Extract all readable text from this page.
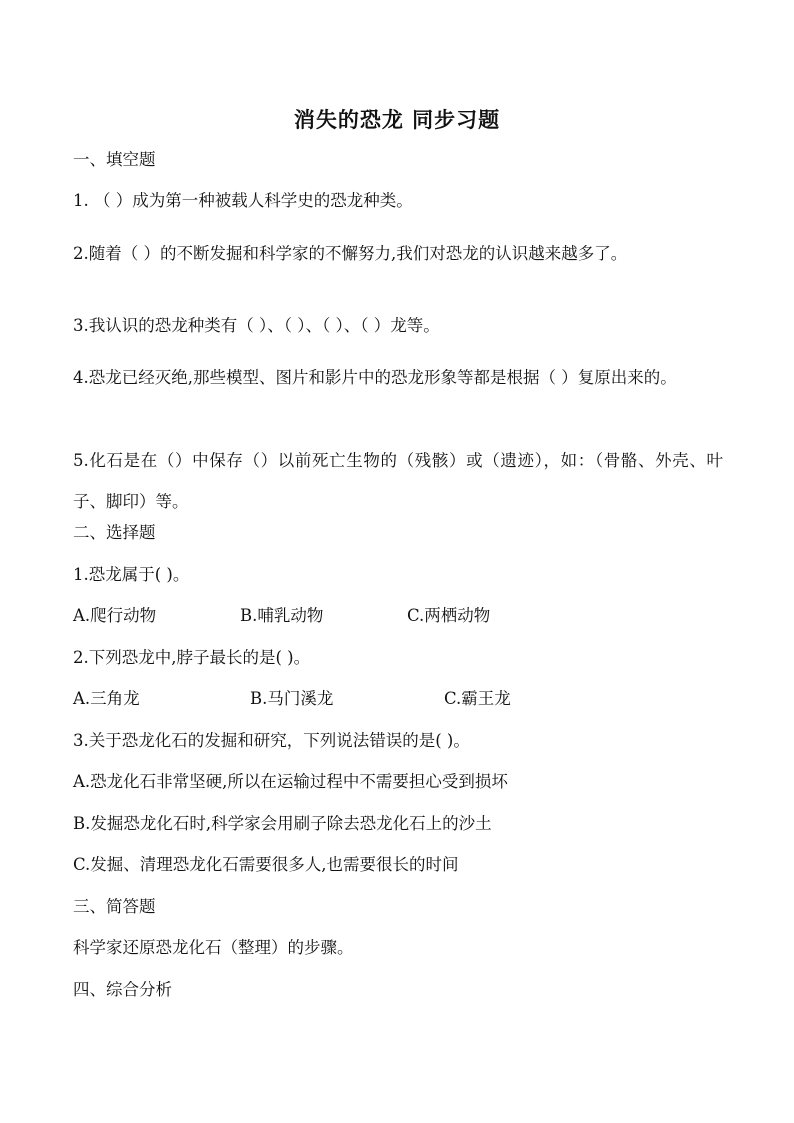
消失的恐龙 同步习题
一、填空题
1. （ ）成为第一种被载人科学史的恐龙种类。
2.随着（ ）的不断发掘和科学家的不懈努力,我们对恐龙的认识越来越多了。
3.我认识的恐龙种类有（ ）、（ ）、（ ）、（ ）龙等。
4.恐龙已经灭绝,那些模型、图片和影片中的恐龙形象等都是根据（ ）复原出来的。
5.化石是在（）中保存（）以前死亡生物的（残骸）或（遗迹），如：（骨骼、外壳、叶子、脚印）等。
二、选择题
1.恐龙属于( )。
A.爬行动物	B.哺乳动物	C.两栖动物
2.下列恐龙中,脖子最长的是( )。
A.三角龙	B.马门溪龙	C.霸王龙
3.关于恐龙化石的发掘和研究，下列说法错误的是( )。
A.恐龙化石非常坚硬,所以在运输过程中不需要担心受到损坏
B.发掘恐龙化石时,科学家会用刷子除去恐龙化石上的沙土
C.发掘、清理恐龙化石需要很多人,也需要很长的时间
三、简答题
科学家还原恐龙化石（整理）的步骤。
四、综合分析
